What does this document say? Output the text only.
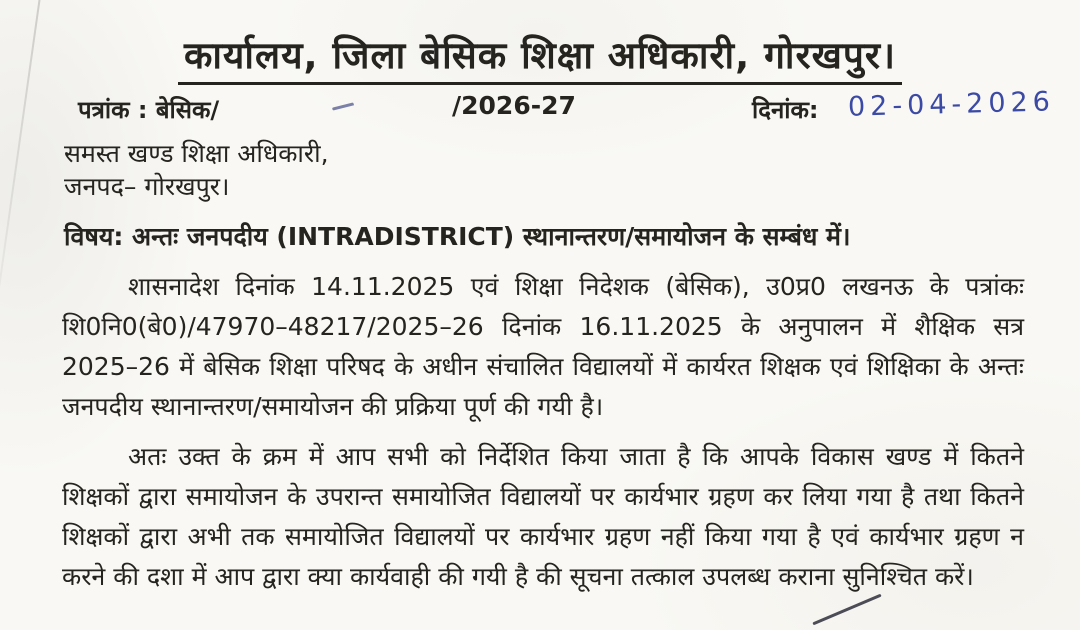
कार्यालय, जिला बेसिक शिक्षा अधिकारी, गोरखपुर।
पत्रांक : बेसिक/	/2026-27	दिनांक: 02-04-2026
समस्त खण्ड शिक्षा अधिकारी,
जनपद– गोरखपुर।
विषय: अन्तः जनपदीय (INTRADISTRICT) स्थानान्तरण/समायोजन के सम्बंध में।

शासनादेश दिनांक 14.11.2025 एवं शिक्षा निदेशक (बेसिक), उ0प्र0 लखनऊ के पत्रांकः शि0नि0(बे0)/47970–48217/2025–26 दिनांक 16.11.2025 के अनुपालन में शैक्षिक सत्र 2025–26 में बेसिक शिक्षा परिषद के अधीन संचालित विद्यालयों में कार्यरत शिक्षक एवं शिक्षिका के अन्तः जनपदीय स्थानान्तरण/समायोजन की प्रक्रिया पूर्ण की गयी है।

अतः उक्त के क्रम में आप सभी को निर्देशित किया जाता है कि आपके विकास खण्ड में कितने शिक्षकों द्वारा समायोजन के उपरान्त समायोजित विद्यालयों पर कार्यभार ग्रहण कर लिया गया है तथा कितने शिक्षकों द्वारा अभी तक समायोजित विद्यालयों पर कार्यभार ग्रहण नहीं किया गया है एवं कार्यभार ग्रहण न करने की दशा में आप द्वारा क्या कार्यवाही की गयी है की सूचना तत्काल उपलब्ध कराना सुनिश्चित करें।
